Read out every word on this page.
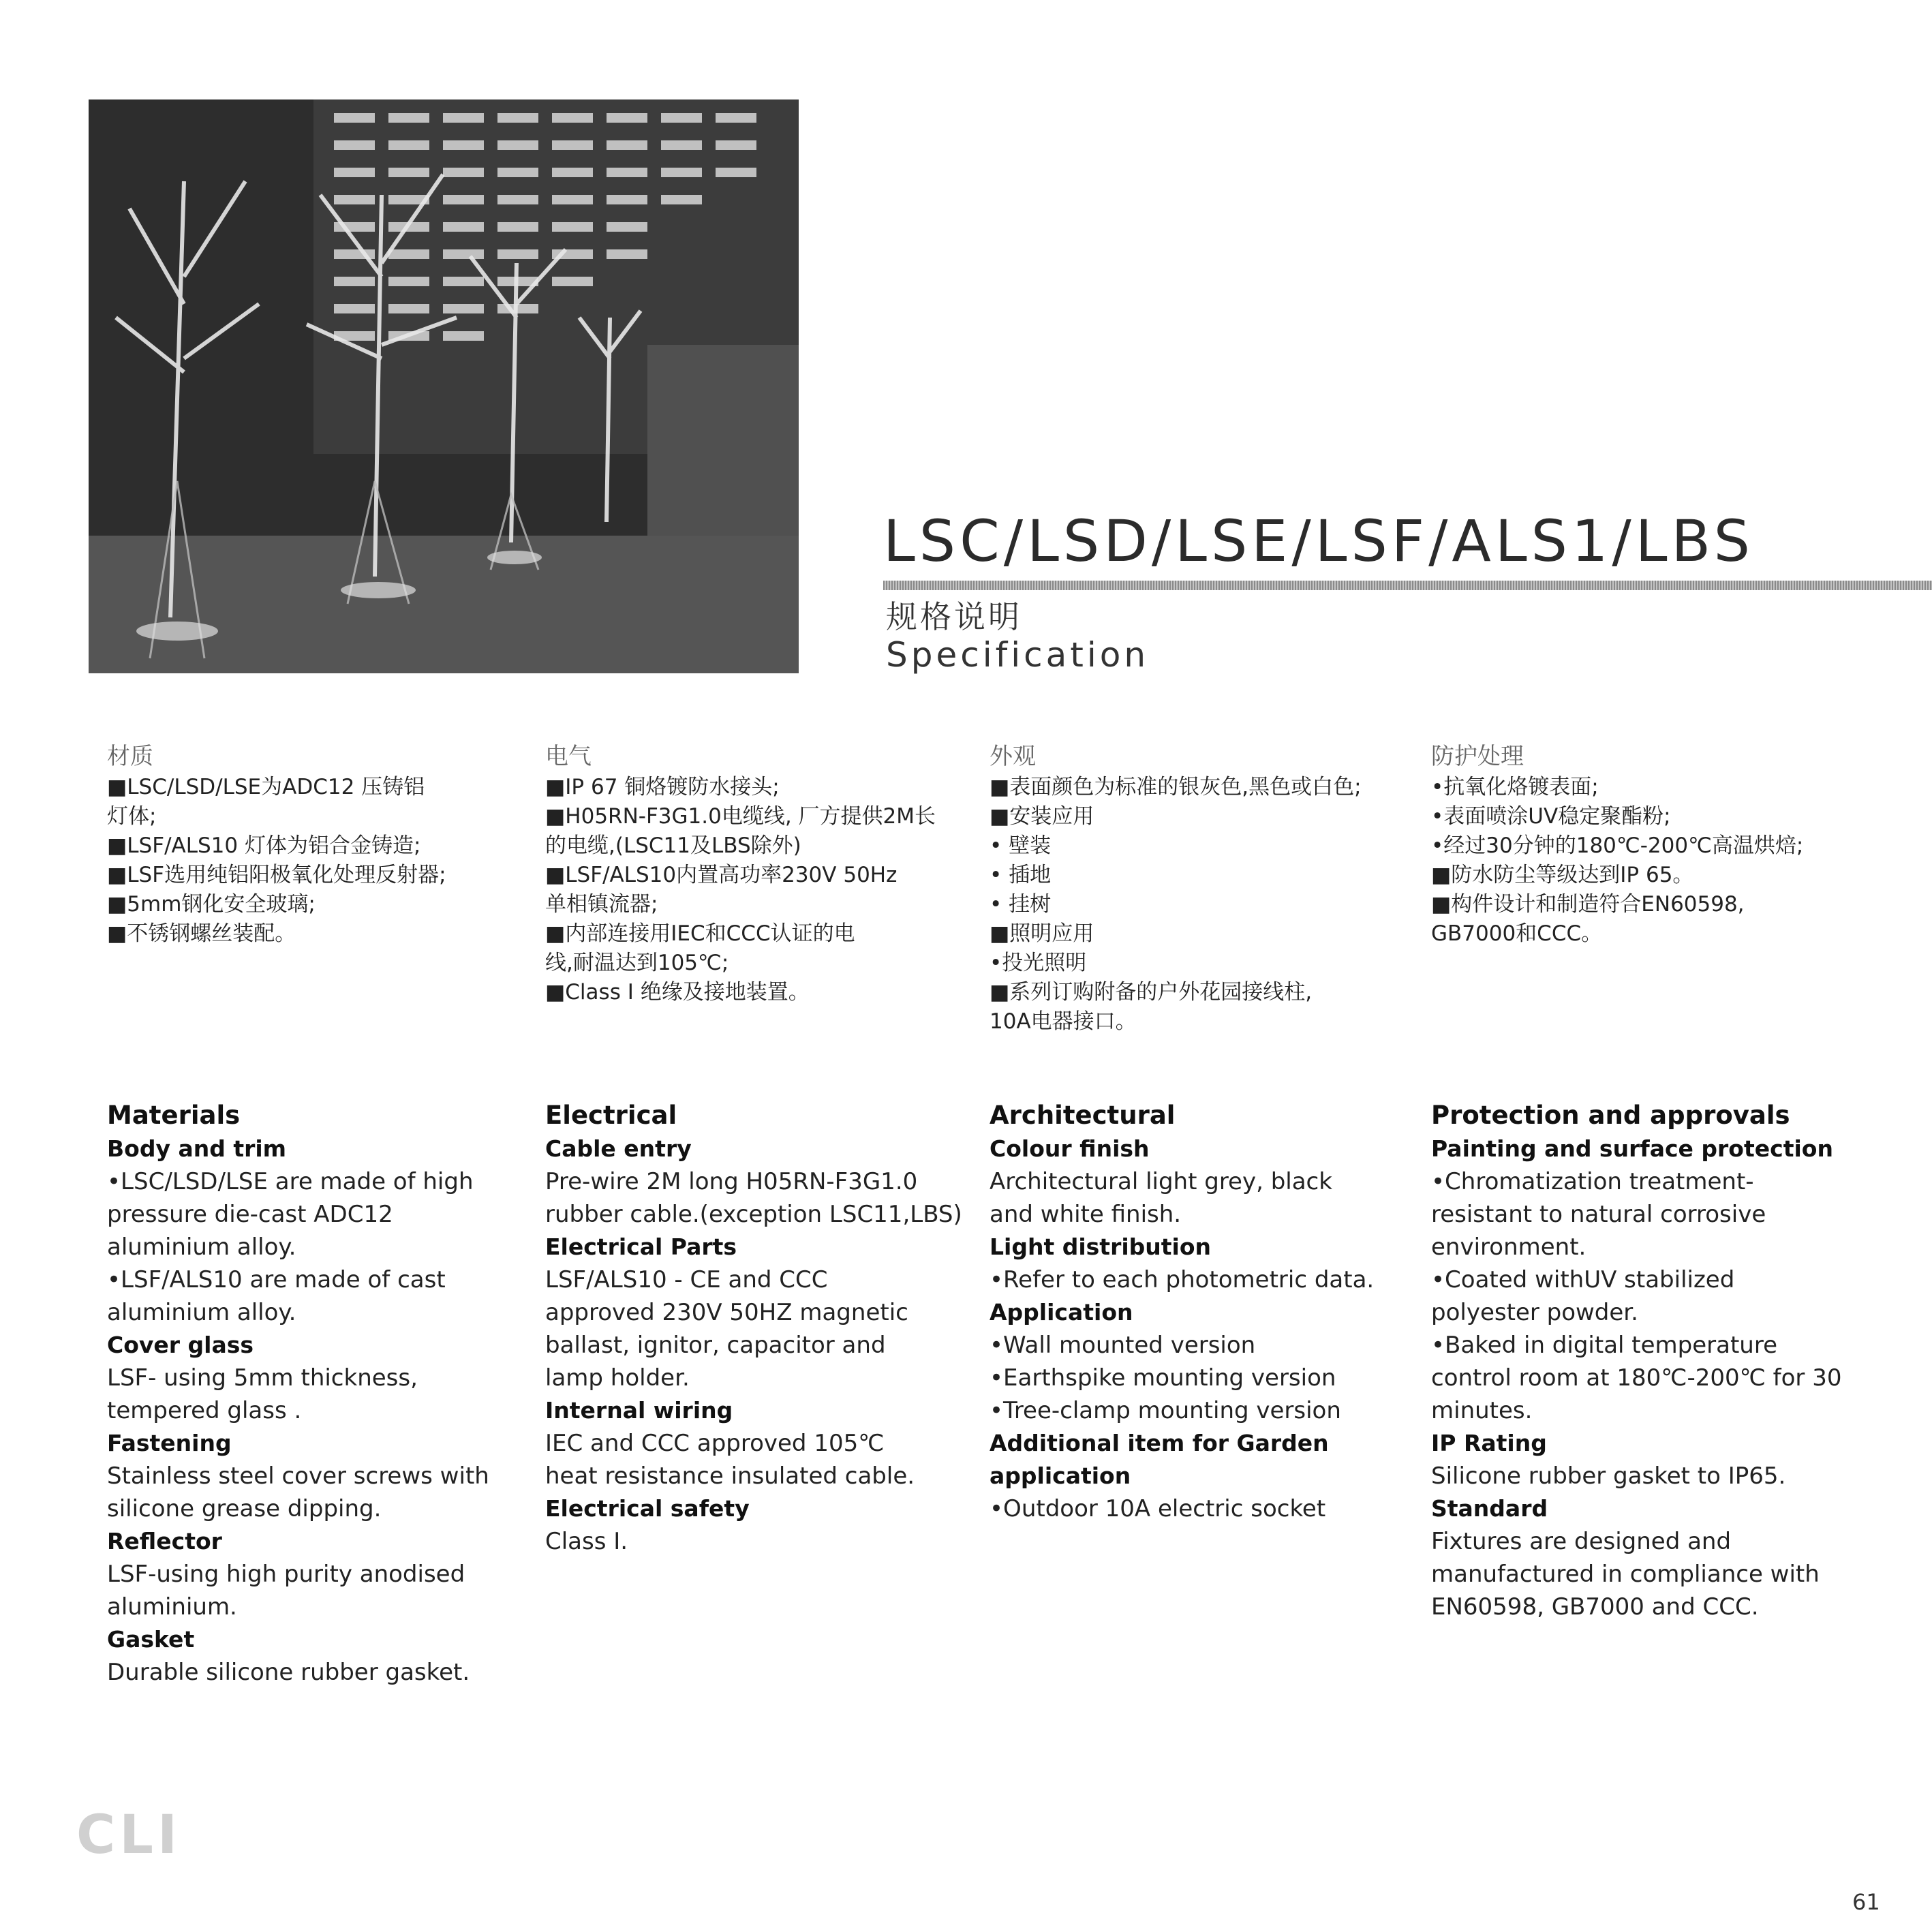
LSC/LSD/LSE/LSF/ALS1/LBS
规格说明
Specification
材质
■LSC/LSD/LSE为ADC12 压铸铝
灯体;
■LSF/ALS10 灯体为铝合金铸造;
■LSF选用纯铝阳极氧化处理反射器;
■5mm钢化安全玻璃;
■不锈钢螺丝装配。
电气
■IP 67 铜烙镀防水接头;
■H05RN-F3G1.0电缆线, 厂方提供2M长
的电缆,(LSC11及LBS除外)
■LSF/ALS10内置高功率230V 50Hz
单相镇流器;
■内部连接用IEC和CCC认证的电
线,耐温达到105℃;
■Class I 绝缘及接地装置。
外观
■表面颜色为标准的银灰色,黑色或白色;
■安装应用
• 壁装
• 插地
• 挂树
■照明应用
•投光照明
■系列订购附备的户外花园接线柱,
10A电器接口。
防护处理
•抗氧化烙镀表面;
•表面喷涂UV稳定聚酯粉;
•经过30分钟的180℃-200℃高温烘焙;
■防水防尘等级达到IP 65。
■构件设计和制造符合EN60598,
GB7000和CCC。
Materials
Body and trim
•LSC/LSD/LSE are made of high
pressure die-cast ADC12
aluminium alloy.
•LSF/ALS10 are made of cast
aluminium alloy.
Cover glass
LSF- using 5mm thickness,
tempered glass .
Fastening
Stainless steel cover screws with
silicone grease dipping.
Reflector
LSF-using high purity anodised
aluminium.
Gasket
Durable silicone rubber gasket.
Electrical
Cable entry
Pre-wire 2M long H05RN-F3G1.0
rubber cable.(exception LSC11,LBS)
Electrical Parts
LSF/ALS10 - CE and CCC
approved 230V 50HZ magnetic
ballast, ignitor, capacitor and
lamp holder.
Internal wiring
IEC and CCC approved 105℃
heat resistance insulated cable.
Electrical safety
Class I.
Architectural
Colour finish
Architectural light grey, black
and white finish.
Light distribution
•Refer to each photometric data.
Application
•Wall mounted version
•Earthspike mounting version
•Tree-clamp mounting version
Additional item for Garden
application
•Outdoor 10A electric socket
Protection and approvals
Painting and surface protection
•Chromatization treatment-
resistant to natural corrosive
environment.
•Coated withUV stabilized
polyester powder.
•Baked in digital temperature
control room at 180℃-200℃ for 30
minutes.
IP Rating
Silicone rubber gasket to IP65.
Standard
Fixtures are designed and
manufactured in compliance with
EN60598, GB7000 and CCC.
CLI
61
